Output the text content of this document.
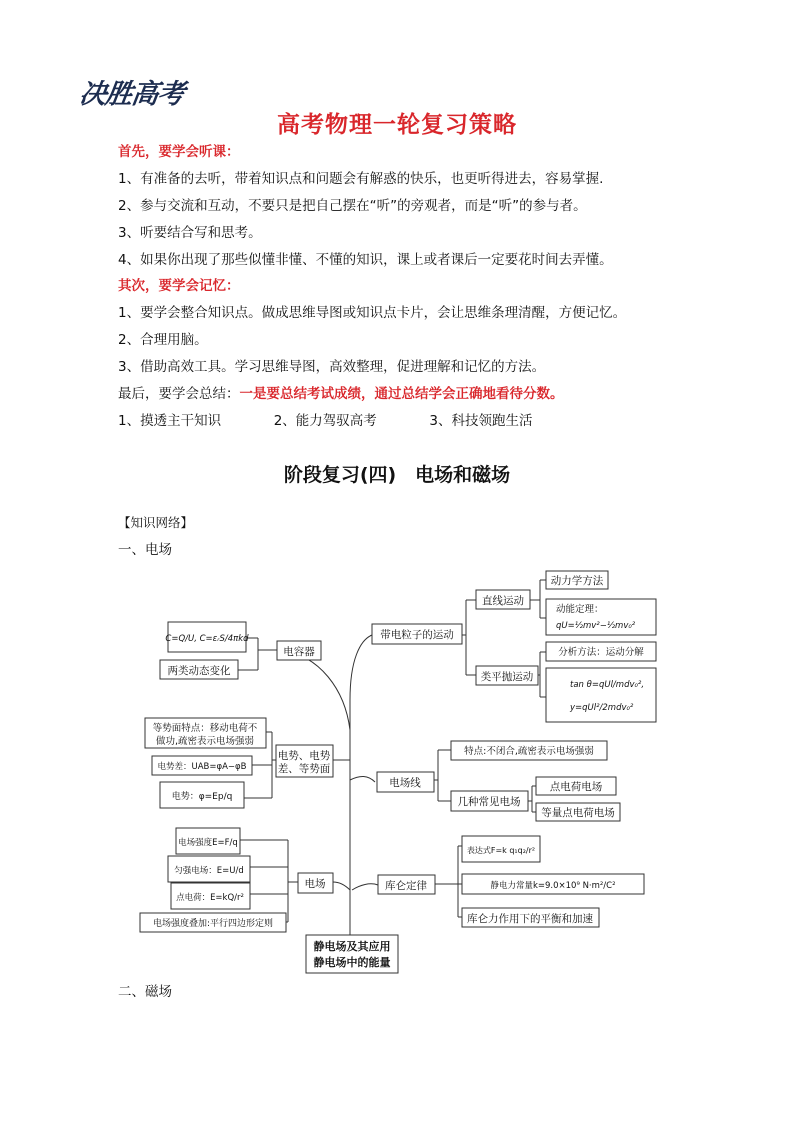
决胜高考
高考物理一轮复习策略
首先，要学会听课：
1、有准备的去听，带着知识点和问题会有解惑的快乐，也更听得进去，容易掌握.
2、参与交流和互动，不要只是把自己摆在“听”的旁观者，而是“听”的参与者。
3、听要结合写和思考。
4、如果你出现了那些似懂非懂、不懂的知识，课上或者课后一定要花时间去弄懂。
其次，要学会记忆：
1、要学会整合知识点。做成思维导图或知识点卡片，会让思维条理清醒，方便记忆。
2、合理用脑。
3、借助高效工具。学习思维导图，高效整理，促进理解和记忆的方法。
最后，要学会总结：一是要总结考试成绩，通过总结学会正确地看待分数。
1、摸透主干知识	2、能力驾驭高考	3、科技领跑生活
阶段复习(四)　电场和磁场
【知识网络】
一、电场
静电场及其应用
静电场中的能量
电容器
C=Q/U, C=εᵣS/4πkd
两类动态变化
带电粒子的运动
直线运动
动力学方法
动能定理：
qU=½mv²−½mv₀²
类平抛运动
分析方法：运动分解
tan θ=qUl/mdv₀²,
y=qUl²/2mdv₀²
电势、电势
差、等势面
等势面特点：移动电荷不
做功,疏密表示电场强弱
电势差：UAB=φA−φB
电势：φ=Ep/q
电场线
特点:不闭合,疏密表示电场强弱
几种常见电场
点电荷电场
等量点电荷电场
电场
电场强度E=F/q
匀强电场：E=U/d
点电荷：E=kQ/r²
电场强度叠加:平行四边形定则
库仑定律
表达式F=k q₁q₂/r²
静电力常量k=9.0×10⁹ N·m²/C²
库仑力作用下的平衡和加速
二、磁场
